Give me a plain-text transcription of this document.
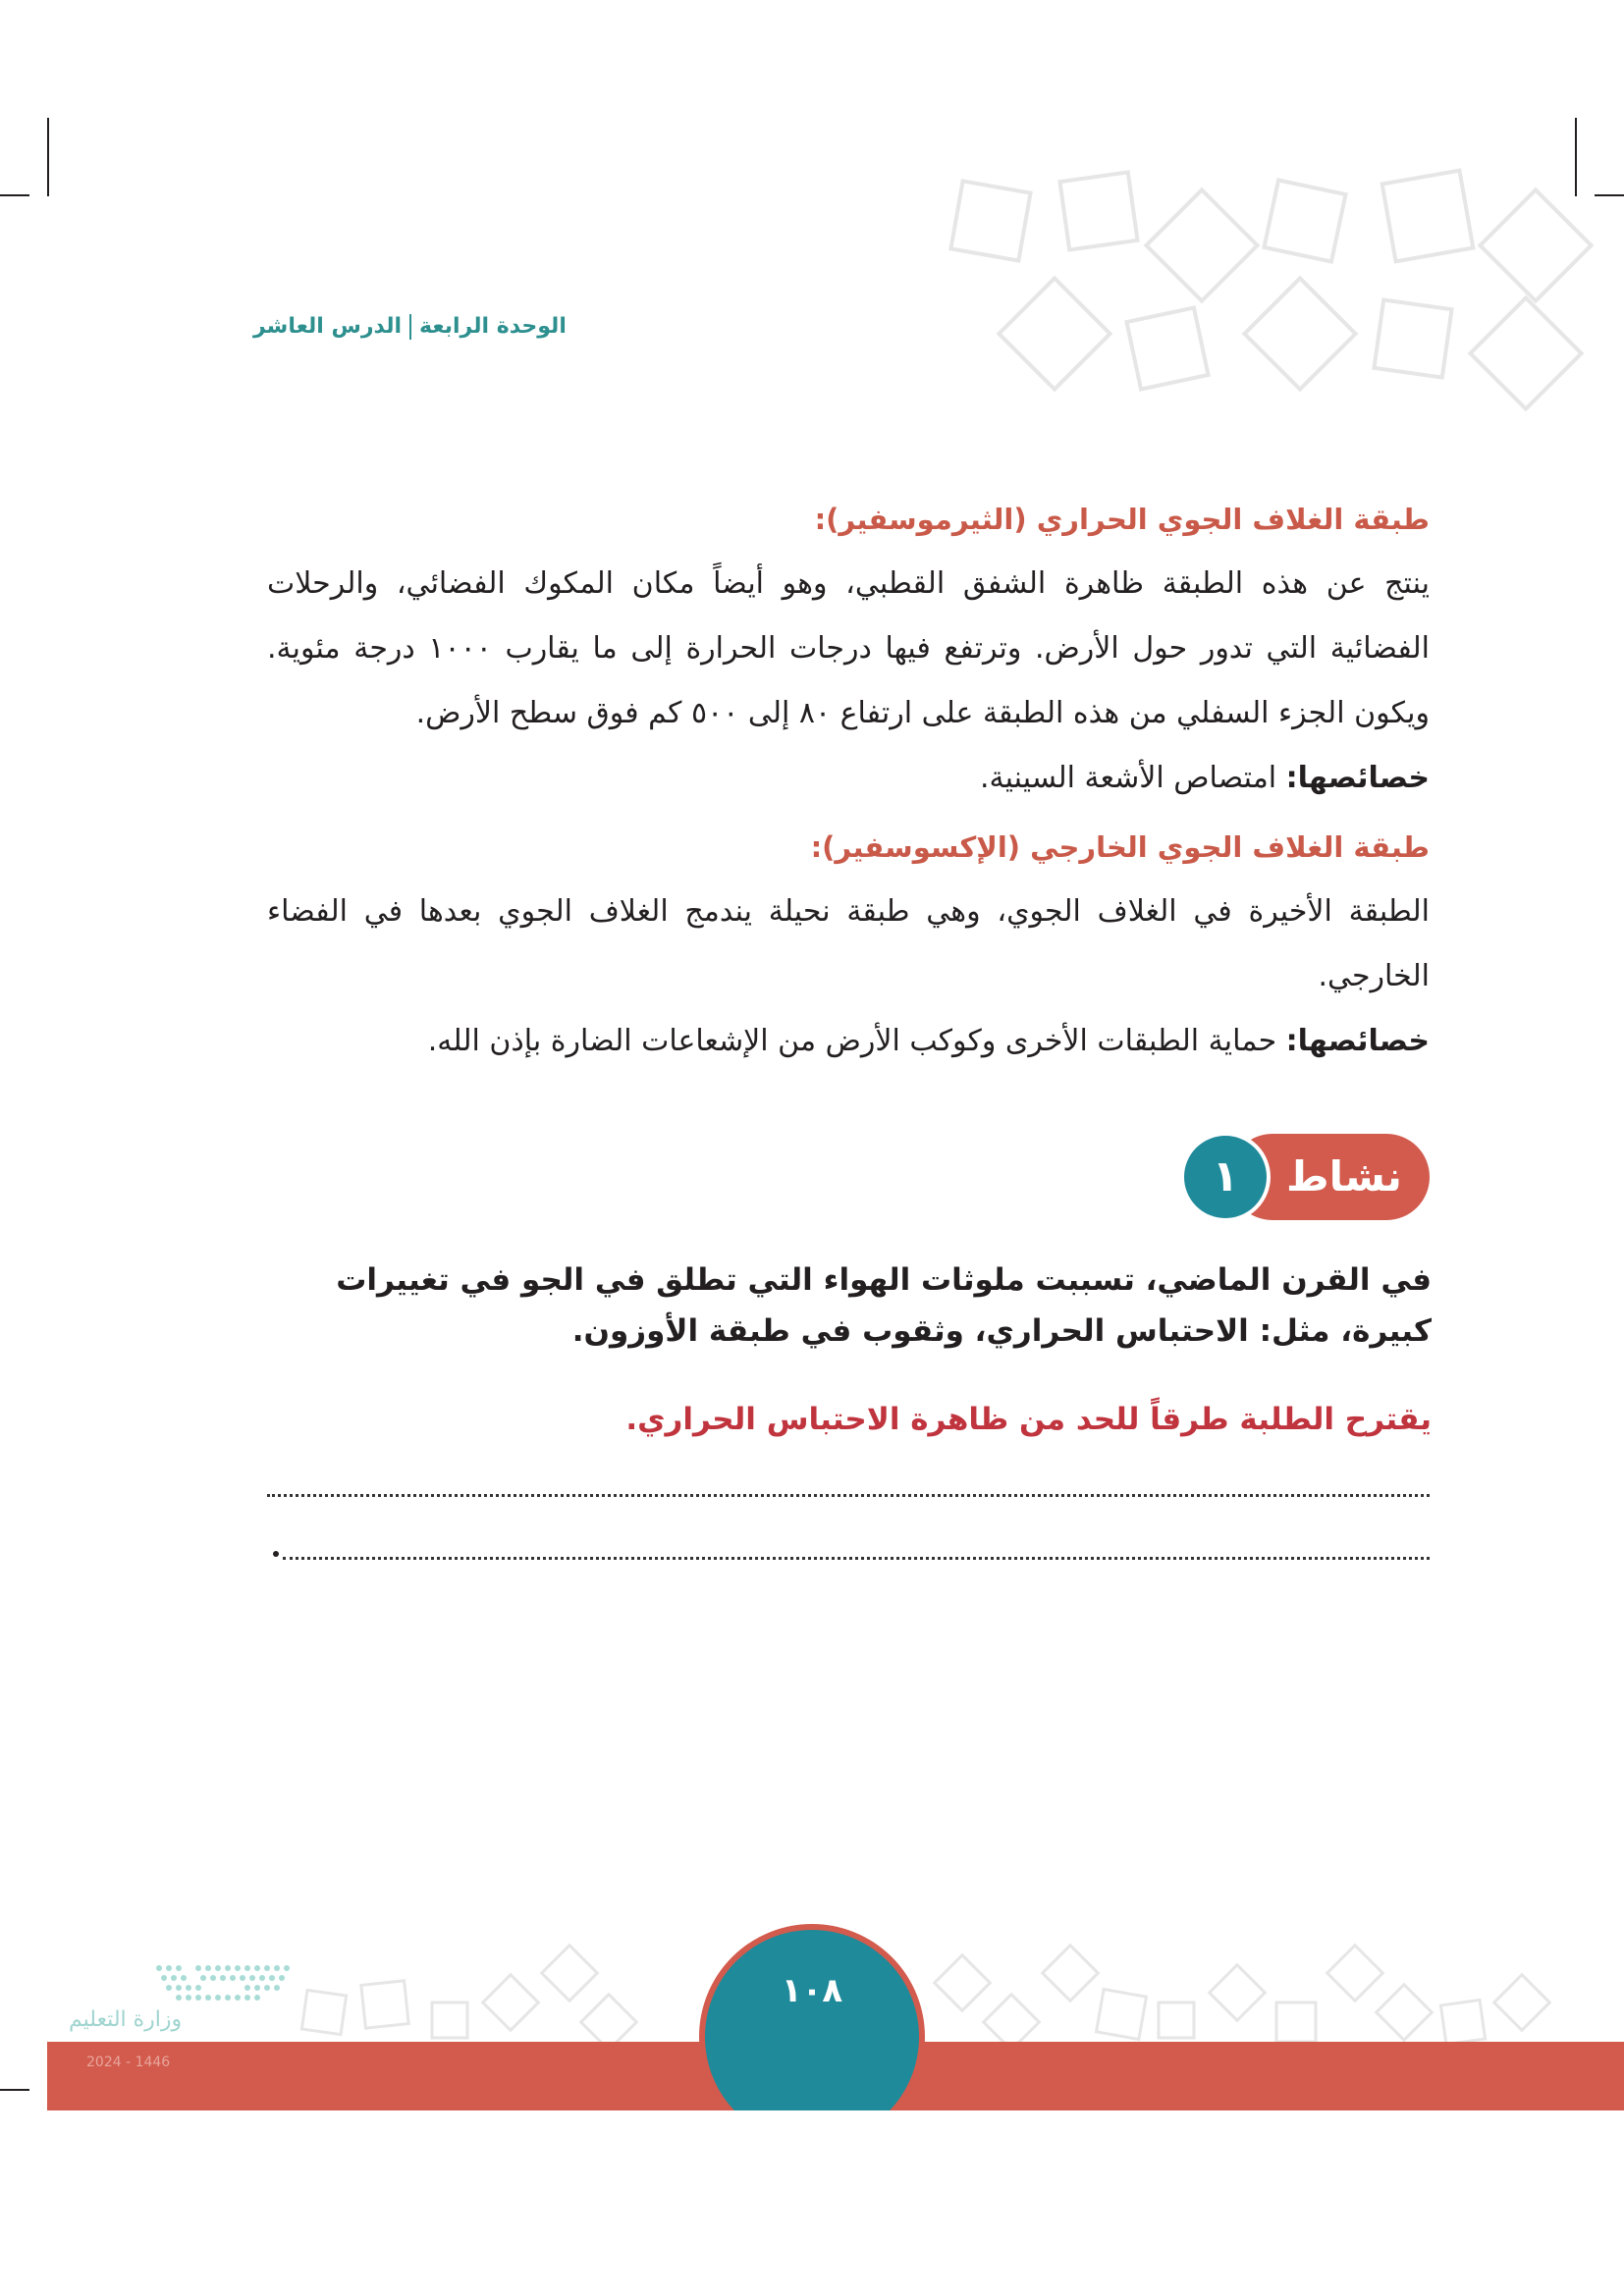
الوحدة الرابعةالدرس العاشر

طبقة الغلاف الجوي الحراري (الثيرموسفير):

ينتج عن هذه الطبقة ظاهرة الشفق القطبي، وهو أيضاً مكان المكوك الفضائي، والرحلات الفضائية التي تدور حول الأرض. وترتفع فيها درجات الحرارة إلى ما يقارب ١٠٠٠ درجة مئوية. ويكون الجزء السفلي من هذه الطبقة على ارتفاع ٨٠ إلى ٥٠٠ كم فوق سطح الأرض.

خصائصها: امتصاص الأشعة السينية.

طبقة الغلاف الجوي الخارجي (الإكسوسفير):

الطبقة الأخيرة في الغلاف الجوي، وهي طبقة نحيلة يندمج الغلاف الجوي بعدها في الفضاء الخارجي.

خصائصها: حماية الطبقات الأخرى وكوكب الأرض من الإشعاعات الضارة بإذن الله.

نشاط
١

في القرن الماضي، تسببت ملوثات الهواء التي تطلق في الجو في تغييرات كبيرة، مثل: الاحتباس الحراري، وثقوب في طبقة الأوزون.

يقترح الطلبة طرقاً للحد من ظاهرة الاحتباس الحراري.

١٠٨
وزارة التعليم
2024 - 1446
